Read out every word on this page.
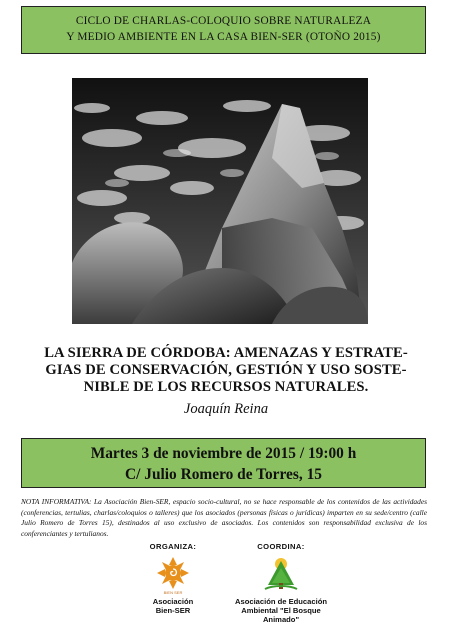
CICLO DE CHARLAS-COLOQUIO SOBRE NATURALEZA
Y MEDIO AMBIENTE EN LA CASA BIEN-SER (OTOÑO 2015)
LA SIERRA DE CÓRDOBA: AMENAZAS Y ESTRATE-
GIAS DE CONSERVACIÓN, GESTIÓN Y USO SOSTE-
NIBLE DE LOS RECURSOS NATURALES.
Joaquín Reina
Martes 3 de noviembre de 2015 / 19:00 h
C/ Julio Romero de Torres, 15
NOTA INFORMATIVA: La Asociación Bien-SER, espacio socio-cultural, no se hace responsable de los contenidos de las actividades (conferencias, tertulias, charlas/coloquios o talleres) que los asociados (personas físicas o jurídicas) imparten en su sede/centro (calle Julio Romero de Torres 15), destinados al uso exclusivo de asociados. Los contenidos son responsabilidad exclusiva de los conferenciantes y tertulianos.
ORGANIZA:
BIEN SER
Asociación
Bien-SER
COORDINA:
Asociación de Educación
Ambiental "El Bosque
Animado"
